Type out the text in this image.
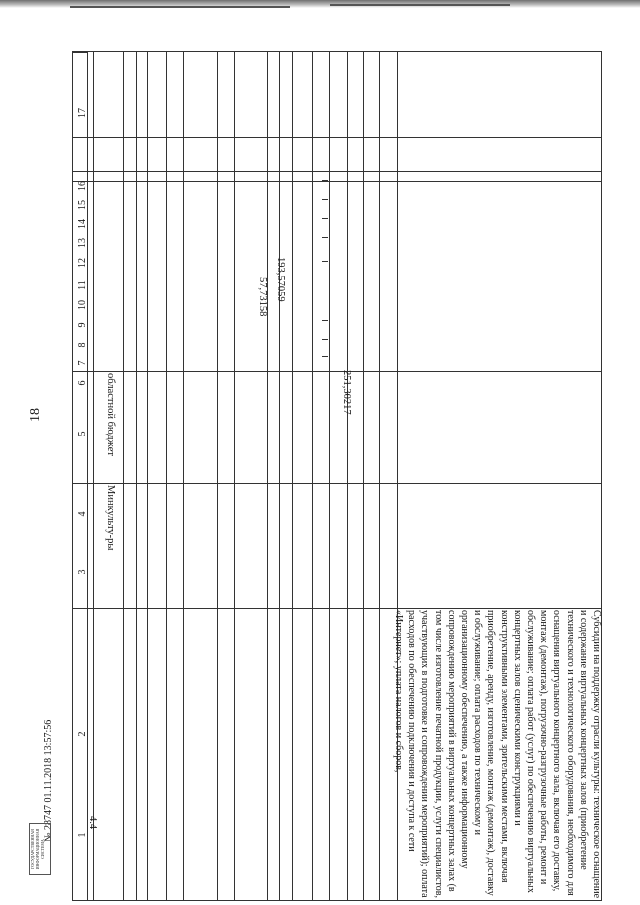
18
№ 28747 01.11.2018 13:57:56
ГОСУДАРСТВЕННАЯ ИНФОРМАЦИОННАЯ СИСТЕМА
1
2
3
4
5
6
7
8
9
10
11
12
13
14
15
16
17
4.4	Субсидии на поддержку отрасли культуры: техническое оснащение и содержание виртуальных концертных залов (приобретение технического и технологического оборудования, необходимого для оснащения виртуального концертного зала, включая его доставку, монтаж (демонтаж), погрузочно-разгрузочные работы, ремонт и обслуживание; оплата работ (услуг) по обеспечению виртуальных концертных залов сценическими конструкциями и конструктивными элементами, зрительскими местами, включая приобретение, аренду, изготовление, монтаж (демонтаж), доставку и обслуживание; оплата расходов по техническому и организационному обеспечению, а также информационному сопровождению мероприятий в виртуальных концертных залах (в том числе изготовление печатной продукции, услуги специалистов, участвующих в подготовке и сопровождении мероприятий); оплата расходов по обеспечению подключения и доступа к сети «Интернет»; уплата налогов и сборов,
Минкульту-ры
областной бюджет	251,30217
57,73158 193,57059
